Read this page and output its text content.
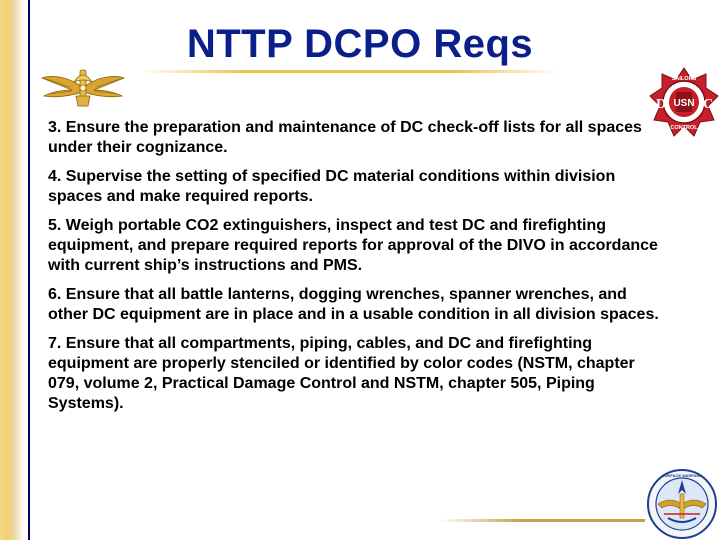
NTTP DCPO Reqs
SAILORS
D USN C
CONTROL
3. Ensure the preparation and maintenance of DC check-off lists for all spaces under their cognizance.
4. Supervise the setting of specified DC material conditions within division spaces and make required reports.
5. Weigh portable CO2 extinguishers, inspect and test DC and firefighting equipment, and prepare required reports for approval of the DIVO in accordance with current ship’s instructions and PMS.
6. Ensure that all battle lanterns, dogging wrenches, spanner wrenches, and other DC equipment are in place and in a usable condition in all division spaces.
7. Ensure that all compartments, piping, cables, and DC and firefighting equipment are properly stenciled or identified by color codes (NSTM, chapter 079, volume 2, Practical Damage Control and NSTM, chapter 505, Piping Systems).
SURFACE WARFARE
